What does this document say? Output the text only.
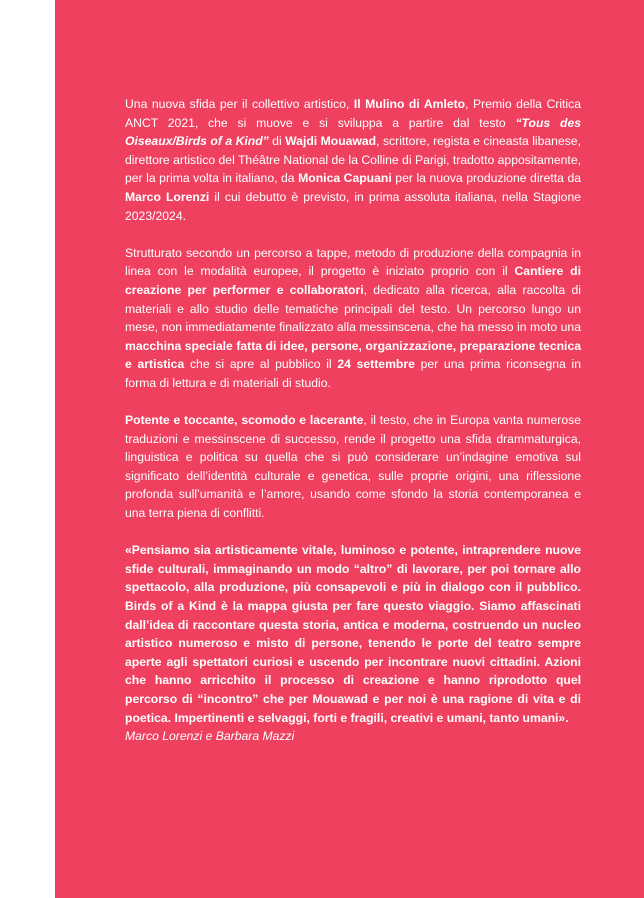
Una nuova sfida per il collettivo artistico, Il Mulino di Amleto, Premio della Critica ANCT 2021, che si muove e si sviluppa a partire dal testo “Tous des Oiseaux/Birds of a Kind” di Wajdi Mouawad, scrittore, regista e cineasta libanese, direttore artistico del Théâtre National de la Colline di Parigi, tradotto appositamente, per la prima volta in italiano, da Monica Capuani per la nuova produzione diretta da Marco Lorenzi il cui debutto è previsto, in prima assoluta italiana, nella Stagione 2023/2024.

Strutturato secondo un percorso a tappe, metodo di produzione della compagnia in linea con le modalità europee, il progetto è iniziato proprio con il Cantiere di creazione per performer e collaboratori, dedicato alla ricerca, alla raccolta di materiali e allo studio delle tematiche principali del testo. Un percorso lungo un mese, non immediatamente finalizzato alla messinscena, che ha messo in moto una macchina speciale fatta di idee, persone, organizzazione, preparazione tecnica e artistica che si apre al pubblico il 24 settembre per una prima riconsegna in forma di lettura e di materiali di studio.

Potente e toccante, scomodo e lacerante, il testo, che in Europa vanta numerose traduzioni e messinscene di successo, rende il progetto una sfida drammaturgica, linguistica e politica su quella che si può considerare un’indagine emotiva sul significato dell’identità culturale e genetica, sulle proprie origini, una riflessione profonda sull’umanità e l’amore, usando come sfondo la storia contemporanea e una terra piena di conflitti.

«Pensiamo sia artisticamente vitale, luminoso e potente, intraprendere nuove sfide culturali, immaginando un modo “altro” di lavorare, per poi tornare allo spettacolo, alla produzione, più consapevoli e più in dialogo con il pubblico. Birds of a Kind è la mappa giusta per fare questo viaggio. Siamo affascinati dall’idea di raccontare questa storia, antica e moderna, costruendo un nucleo artistico numeroso e misto di persone, tenendo le porte del teatro sempre aperte agli spettatori curiosi e uscendo per incontrare nuovi cittadini. Azioni che hanno arricchito il processo di creazione e hanno riprodotto quel percorso di “incontro” che per Mouawad e per noi è una ragione di vita e di poetica. Impertinenti e selvaggi, forti e fragili, creativi e umani, tanto umani».

Marco Lorenzi e Barbara Mazzi
